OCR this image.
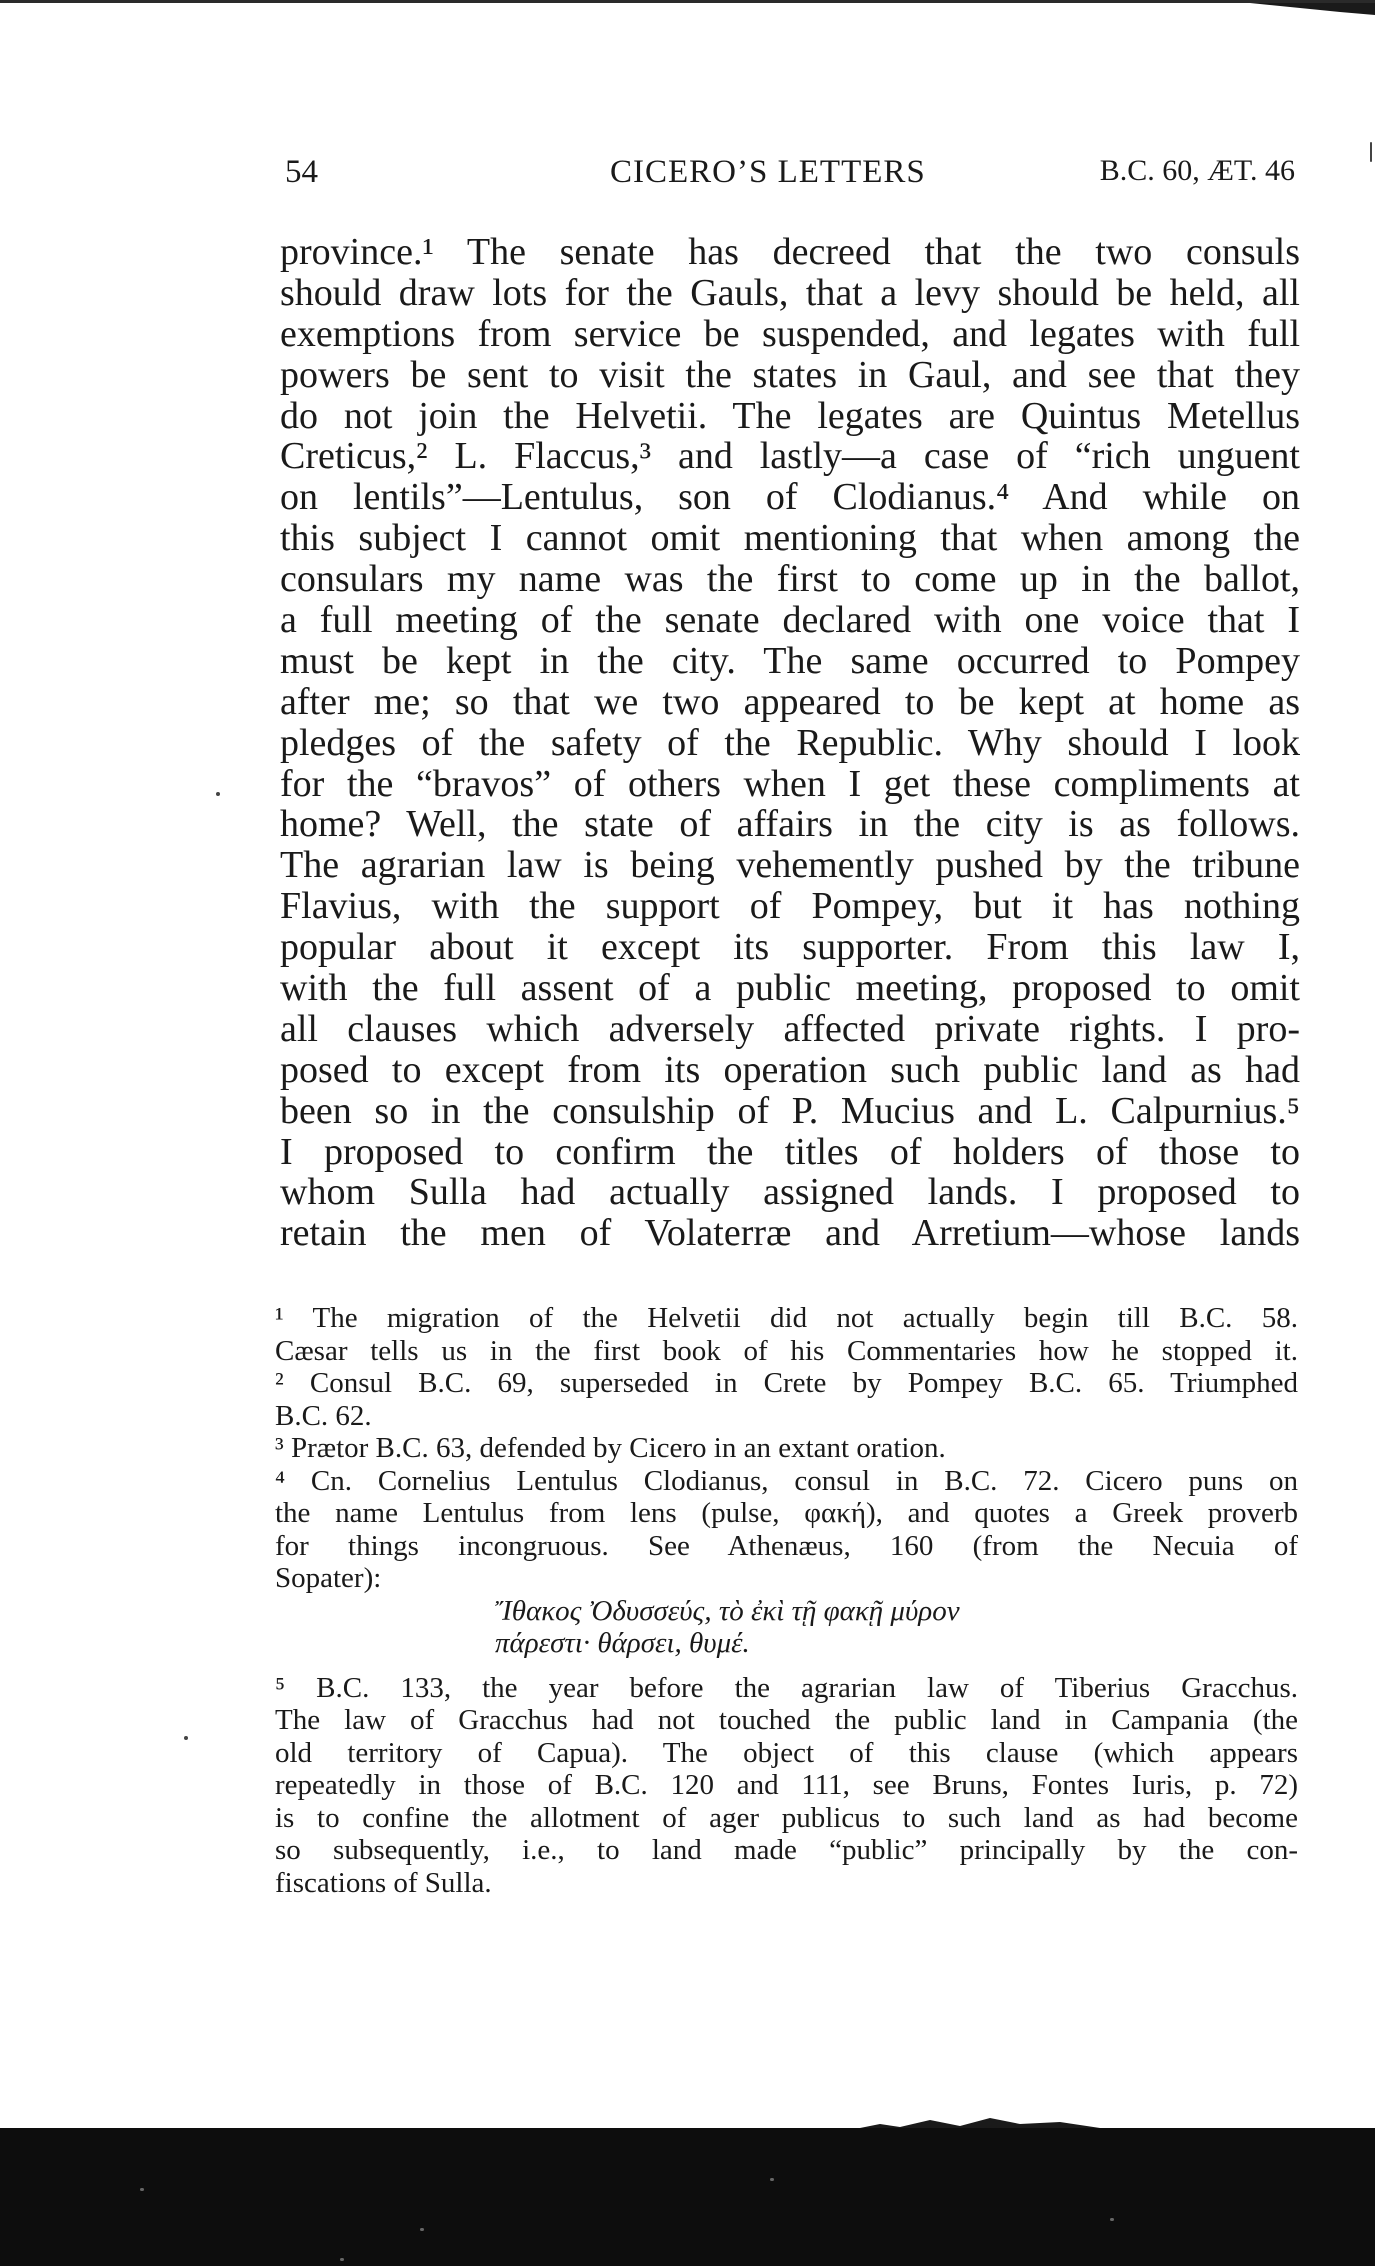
54	CICERO’S LETTERS	B.C. 60, ÆT. 46
province.¹ The senate has decreed that the two consuls
should draw lots for the Gauls, that a levy should be held, all
exemptions from service be suspended, and legates with full
powers be sent to visit the states in Gaul, and see that they
do not join the Helvetii. The legates are Quintus Metellus
Creticus,² L. Flaccus,³ and lastly—a case of “rich unguent
on lentils”—Lentulus, son of Clodianus.⁴ And while on
this subject I cannot omit mentioning that when among the
consulars my name was the first to come up in the ballot,
a full meeting of the senate declared with one voice that I
must be kept in the city. The same occurred to Pompey
after me; so that we two appeared to be kept at home as
pledges of the safety of the Republic. Why should I look
for the “bravos” of others when I get these compliments at
home? Well, the state of affairs in the city is as follows.
The agrarian law is being vehemently pushed by the tribune
Flavius, with the support of Pompey, but it has nothing
popular about it except its supporter. From this law I,
with the full assent of a public meeting, proposed to omit
all clauses which adversely affected private rights. I pro-
posed to except from its operation such public land as had
been so in the consulship of P. Mucius and L. Calpurnius.⁵
I proposed to confirm the titles of holders of those to
whom Sulla had actually assigned lands. I proposed to
retain the men of Volaterræ and Arretium—whose lands
¹ The migration of the Helvetii did not actually begin till B.C. 58.
Cæsar tells us in the first book of his Commentaries how he stopped it.
² Consul B.C. 69, superseded in Crete by Pompey B.C. 65. Triumphed
B.C. 62.
³ Prætor B.C. 63, defended by Cicero in an extant oration.
⁴ Cn. Cornelius Lentulus Clodianus, consul in B.C. 72. Cicero puns on
the name Lentulus from lens (pulse, φακή), and quotes a Greek proverb
for things incongruous. See Athenæus, 160 (from the Necuia of
Sopater):
Ἴθακος Ὀδυσσεύς, τὸ ἐκὶ τῇ φακῇ μύρον
πάρεστι· θάρσει, θυμέ.
⁵ B.C. 133, the year before the agrarian law of Tiberius Gracchus.
The law of Gracchus had not touched the public land in Campania (the
old territory of Capua). The object of this clause (which appears
repeatedly in those of B.C. 120 and 111, see Bruns, Fontes Iuris, p. 72)
is to confine the allotment of ager publicus to such land as had become
so subsequently, i.e., to land made “public” principally by the con-
fiscations of Sulla.
